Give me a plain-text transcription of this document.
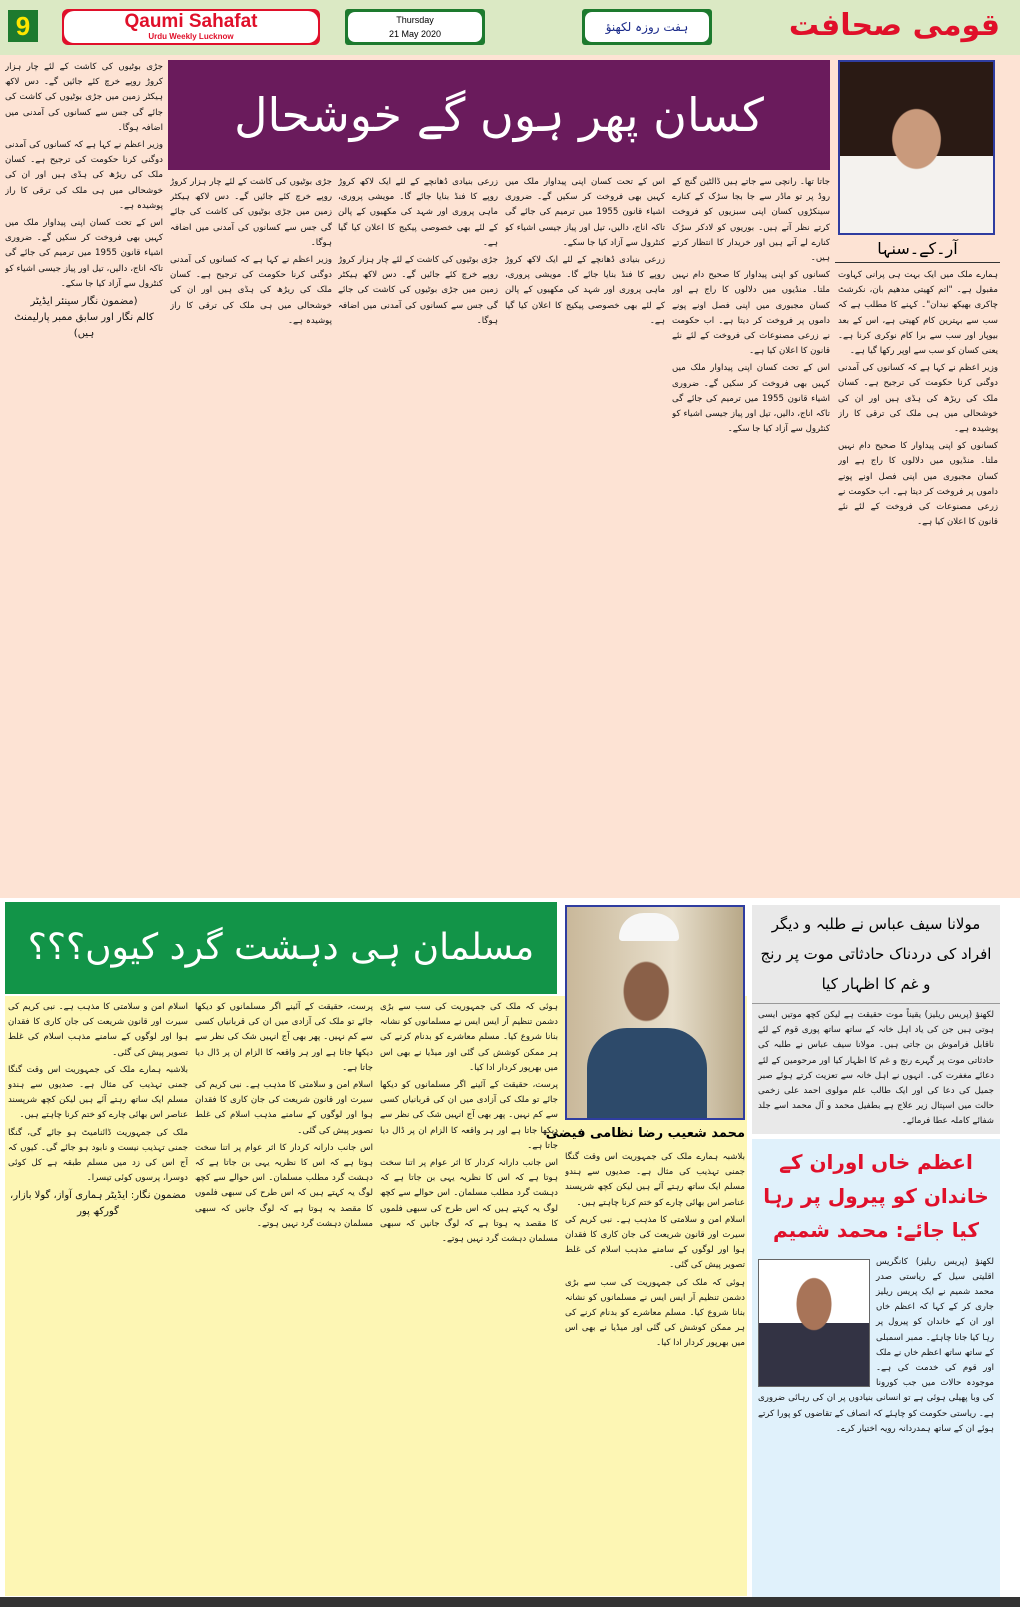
9	Qaumi Sahafat
Urdu Weekly Lucknow
Thursday
21 May 2020	ہفت روزہ لکھنؤ	قومی صحافت
کسان پھر ہوں گے خوشحال
آر۔کے۔سنہا

ہمارے ملک میں ایک بہت ہی پرانی کہاوت مقبول ہے۔ "اتم کھیتی مدھیم بان، نکرشٹ چاکری بھیکھ نیدان"۔ کہنے کا مطلب ہے کہ سب سے بہترین کام کھیتی ہے، اس کے بعد بیوپار اور سب سے برا کام نوکری کرنا ہے۔ یعنی کسان کو سب سے اوپر رکھا گیا ہے۔

وزیر اعظم نے کہا ہے کہ کسانوں کی آمدنی دوگنی کرنا حکومت کی ترجیح ہے۔ کسان ملک کی ریڑھ کی ہڈی ہیں اور ان کی خوشحالی میں ہی ملک کی ترقی کا راز پوشیدہ ہے۔

کسانوں کو اپنی پیداوار کا صحیح دام نہیں ملتا۔ منڈیوں میں دلالوں کا راج ہے اور کسان مجبوری میں اپنی فصل اونے پونے داموں پر فروخت کر دیتا ہے۔ اب حکومت نے زرعی مصنوعات کی فروخت کے لئے نئے قانون کا اعلان کیا ہے۔

جاتا تھا۔ رانچی سے جاتے ہیں ڈالٹین گنج کے روڈ پر تو ماڈر سے جا بجا سڑک کے کنارے سینکڑوں کسان اپنی سبزیوں کو فروخت کرتے نظر آتے ہیں۔ بوریوں کو لادکر سڑک کنارے لے آتے ہیں اور خریدار کا انتظار کرتے ہیں۔

کسانوں کو اپنی پیداوار کا صحیح دام نہیں ملتا۔ منڈیوں میں دلالوں کا راج ہے اور کسان مجبوری میں اپنی فصل اونے پونے داموں پر فروخت کر دیتا ہے۔ اب حکومت نے زرعی مصنوعات کی فروخت کے لئے نئے قانون کا اعلان کیا ہے۔

اس کے تحت کسان اپنی پیداوار ملک میں کہیں بھی فروخت کر سکیں گے۔ ضروری اشیاء قانون 1955 میں ترمیم کی جائے گی تاکہ اناج، دالیں، تیل اور پیاز جیسی اشیاء کو کنٹرول سے آزاد کیا جا سکے۔

اس کے تحت کسان اپنی پیداوار ملک میں کہیں بھی فروخت کر سکیں گے۔ ضروری اشیاء قانون 1955 میں ترمیم کی جائے گی تاکہ اناج، دالیں، تیل اور پیاز جیسی اشیاء کو کنٹرول سے آزاد کیا جا سکے۔

زرعی بنیادی ڈھانچے کے لئے ایک لاکھ کروڑ روپے کا فنڈ بنایا جائے گا۔ مویشی پروری، ماہی پروری اور شہد کی مکھیوں کے پالن کے لئے بھی خصوصی پیکیج کا اعلان کیا گیا ہے۔

زرعی بنیادی ڈھانچے کے لئے ایک لاکھ کروڑ روپے کا فنڈ بنایا جائے گا۔ مویشی پروری، ماہی پروری اور شہد کی مکھیوں کے پالن کے لئے بھی خصوصی پیکیج کا اعلان کیا گیا ہے۔

جڑی بوٹیوں کی کاشت کے لئے چار ہزار کروڑ روپے خرچ کئے جائیں گے۔ دس لاکھ ہیکٹر زمین میں جڑی بوٹیوں کی کاشت کی جائے گی جس سے کسانوں کی آمدنی میں اضافہ ہوگا۔

جڑی بوٹیوں کی کاشت کے لئے چار ہزار کروڑ روپے خرچ کئے جائیں گے۔ دس لاکھ ہیکٹر زمین میں جڑی بوٹیوں کی کاشت کی جائے گی جس سے کسانوں کی آمدنی میں اضافہ ہوگا۔

وزیر اعظم نے کہا ہے کہ کسانوں کی آمدنی دوگنی کرنا حکومت کی ترجیح ہے۔ کسان ملک کی ریڑھ کی ہڈی ہیں اور ان کی خوشحالی میں ہی ملک کی ترقی کا راز پوشیدہ ہے۔

جڑی بوٹیوں کی کاشت کے لئے چار ہزار کروڑ روپے خرچ کئے جائیں گے۔ دس لاکھ ہیکٹر زمین میں جڑی بوٹیوں کی کاشت کی جائے گی جس سے کسانوں کی آمدنی میں اضافہ ہوگا۔

وزیر اعظم نے کہا ہے کہ کسانوں کی آمدنی دوگنی کرنا حکومت کی ترجیح ہے۔ کسان ملک کی ریڑھ کی ہڈی ہیں اور ان کی خوشحالی میں ہی ملک کی ترقی کا راز پوشیدہ ہے۔

اس کے تحت کسان اپنی پیداوار ملک میں کہیں بھی فروخت کر سکیں گے۔ ضروری اشیاء قانون 1955 میں ترمیم کی جائے گی تاکہ اناج، دالیں، تیل اور پیاز جیسی اشیاء کو کنٹرول سے آزاد کیا جا سکے۔

(مضمون نگار سینئر ایڈیٹر
کالم نگار اور سابق ممبر پارلیمنٹ ہیں)
مسلمان ہی دہشت گرد کیوں؟؟؟
محمد شعیب رضا نظامی فیضی

بلاشبہ ہمارے ملک کی جمہوریت اس وقت گنگا جمنی تہذیب کی مثال ہے۔ صدیوں سے ہندو مسلم ایک ساتھ رہتے آئے ہیں لیکن کچھ شرپسند عناصر اس بھائی چارے کو ختم کرنا چاہتے ہیں۔

اسلام امن و سلامتی کا مذہب ہے۔ نبی کریم کی سیرت اور قانون شریعت کی جان کاری کا فقدان ہوا اور لوگوں کے سامنے مذہب اسلام کی غلط تصویر پیش کی گئی۔

ہوئی کہ ملک کی جمہوریت کی سب سے بڑی دشمن تنظیم آر ایس ایس نے مسلمانوں کو نشانہ بنانا شروع کیا۔ مسلم معاشرے کو بدنام کرنے کی ہر ممکن کوشش کی گئی اور میڈیا نے بھی اس میں بھرپور کردار ادا کیا۔

ہوئی کہ ملک کی جمہوریت کی سب سے بڑی دشمن تنظیم آر ایس ایس نے مسلمانوں کو نشانہ بنانا شروع کیا۔ مسلم معاشرے کو بدنام کرنے کی ہر ممکن کوشش کی گئی اور میڈیا نے بھی اس میں بھرپور کردار ادا کیا۔

پرست، حقیقت کے آئینے اگر مسلمانوں کو دیکھا جائے تو ملک کی آزادی میں ان کی قربانیاں کسی سے کم نہیں۔ پھر بھی آج انہیں شک کی نظر سے دیکھا جاتا ہے اور ہر واقعہ کا الزام ان پر ڈال دیا جاتا ہے۔

اس جانب دارانہ کردار کا اثر عوام پر اتنا سخت ہوتا ہے کہ اس کا نظریہ یہی بن جاتا ہے کہ دہشت گرد مطلب مسلمان۔ اس حوالے سے کچھ لوگ یہ کہتے ہیں کہ اس طرح کی سبھی فلموں کا مقصد یہ ہوتا ہے کہ لوگ جانیں کہ سبھی مسلمان دہشت گرد نہیں ہوتے۔

پرست، حقیقت کے آئینے اگر مسلمانوں کو دیکھا جائے تو ملک کی آزادی میں ان کی قربانیاں کسی سے کم نہیں۔ پھر بھی آج انہیں شک کی نظر سے دیکھا جاتا ہے اور ہر واقعہ کا الزام ان پر ڈال دیا جاتا ہے۔

اسلام امن و سلامتی کا مذہب ہے۔ نبی کریم کی سیرت اور قانون شریعت کی جان کاری کا فقدان ہوا اور لوگوں کے سامنے مذہب اسلام کی غلط تصویر پیش کی گئی۔

اس جانب دارانہ کردار کا اثر عوام پر اتنا سخت ہوتا ہے کہ اس کا نظریہ یہی بن جاتا ہے کہ دہشت گرد مطلب مسلمان۔ اس حوالے سے کچھ لوگ یہ کہتے ہیں کہ اس طرح کی سبھی فلموں کا مقصد یہ ہوتا ہے کہ لوگ جانیں کہ سبھی مسلمان دہشت گرد نہیں ہوتے۔

اسلام امن و سلامتی کا مذہب ہے۔ نبی کریم کی سیرت اور قانون شریعت کی جان کاری کا فقدان ہوا اور لوگوں کے سامنے مذہب اسلام کی غلط تصویر پیش کی گئی۔

بلاشبہ ہمارے ملک کی جمہوریت اس وقت گنگا جمنی تہذیب کی مثال ہے۔ صدیوں سے ہندو مسلم ایک ساتھ رہتے آئے ہیں لیکن کچھ شرپسند عناصر اس بھائی چارے کو ختم کرنا چاہتے ہیں۔

ملک کی جمہوریت ڈائنامیٹ ہو جائے گی، گنگا جمنی تہذیب نیست و نابود ہو جائے گی۔ کیوں کہ آج اس کی زد میں مسلم طبقہ ہے کل کوئی دوسرا، پرسوں کوئی تیسرا۔

مضمون نگار: ایڈیٹر ہماری آواز، گولا بازار، گورکھ پور
مولانا سیف عباس نے طلبہ و دیگر افراد کی دردناک حادثاتی موت پر رنج و غم کا اظہار کیا
لکھنؤ (پریس ریلیز) یقیناً موت حقیقت ہے لیکن کچھ موتیں ایسی ہوتی ہیں جن کی یاد اہل خانہ کے ساتھ ساتھ پوری قوم کے لئے ناقابل فراموش بن جاتی ہیں۔ مولانا سیف عباس نے طلبہ کی حادثاتی موت پر گہرے رنج و غم کا اظہار کیا اور مرحومین کے لئے دعائے مغفرت کی۔ انہوں نے اہل خانہ سے تعزیت کرتے ہوئے صبر جمیل کی دعا کی اور ایک طالب علم مولوی احمد علی زخمی حالت میں اسپتال زیر علاج ہے بطفیل محمد و آل محمد اسے جلد شفائے کاملہ عطا فرمائے۔
اعظم خاں اوران کے خاندان کو پیرول پر رہا کیا جائے: محمد شمیم
لکھنؤ (پریس ریلیز) کانگریس اقلیتی سیل کے ریاستی صدر محمد شمیم نے ایک پریس ریلیز جاری کر کے کہا کہ اعظم خاں اور ان کے خاندان کو پیرول پر رہا کیا جانا چاہئے۔ ممبر اسمبلی کے ساتھ ساتھ اعظم خاں نے ملک اور قوم کی خدمت کی ہے۔ موجودہ حالات میں جب کورونا کی وبا پھیلی ہوئی ہے تو انسانی بنیادوں پر ان کی رہائی ضروری ہے۔ ریاستی حکومت کو چاہئے کہ انصاف کے تقاضوں کو پورا کرتے ہوئے ان کے ساتھ ہمدردانہ رویہ اختیار کرے۔
